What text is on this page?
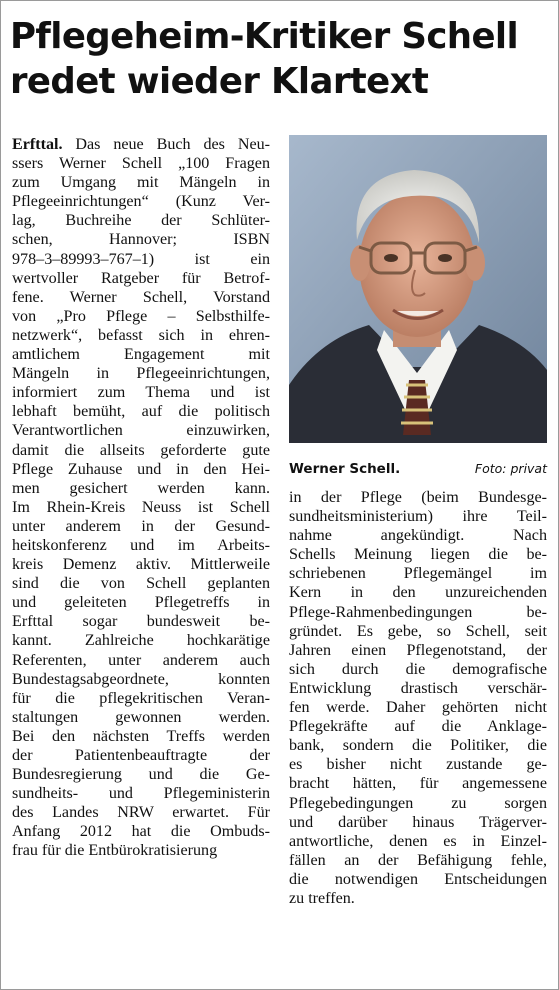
Pflegeheim-Kritiker Schell
redet wieder Klartext
Erfttal. Das neue Buch des Neu-
ssers Werner Schell „100 Fragen
zum Umgang mit Mängeln in
Pflegeeinrichtungen“ (Kunz Ver-
lag, Buchreihe der Schlüter-
schen, Hannover; ISBN
978–3–89993–767–1) ist ein
wertvoller Ratgeber für Betrof-
fene. Werner Schell, Vorstand
von „Pro Pflege – Selbsthilfe-
netzwerk“, befasst sich in ehren-
amtlichem Engagement mit
Mängeln in Pflegeeinrichtungen,
informiert zum Thema und ist
lebhaft bemüht, auf die politisch
Verantwortlichen einzuwirken,
damit die allseits geforderte gute
Pflege Zuhause und in den Hei-
men gesichert werden kann.
Im Rhein-Kreis Neuss ist Schell
unter anderem in der Gesund-
heitskonferenz und im Arbeits-
kreis Demenz aktiv. Mittlerweile
sind die von Schell geplanten
und geleiteten Pflegetreffs in
Erfttal sogar bundesweit be-
kannt. Zahlreiche hochkarätige
Referenten, unter anderem auch
Bundestagsabgeordnete, konnten
für die pflegekritischen Veran-
staltungen gewonnen werden.
Bei den nächsten Treffs werden
der Patientenbeauftragte der
Bundesregierung und die Ge-
sundheits- und Pflegeministerin
des Landes NRW erwartet. Für
Anfang 2012 hat die Ombuds-
frau für die Entbürokratisierung
Werner Schell.	Foto: privat
in der Pflege (beim Bundesge-
sundheitsministerium) ihre Teil-
nahme angekündigt. Nach
Schells Meinung liegen die be-
schriebenen Pflegemängel im
Kern in den unzureichenden
Pflege-Rahmenbedingungen be-
gründet. Es gebe, so Schell, seit
Jahren einen Pflegenotstand, der
sich durch die demografische
Entwicklung drastisch verschär-
fen werde. Daher gehörten nicht
Pflegekräfte auf die Anklage-
bank, sondern die Politiker, die
es bisher nicht zustande ge-
bracht hätten, für angemessene
Pflegebedingungen zu sorgen
und darüber hinaus Trägerver-
antwortliche, denen es in Einzel-
fällen an der Befähigung fehle,
die notwendigen Entscheidungen
zu treffen.
